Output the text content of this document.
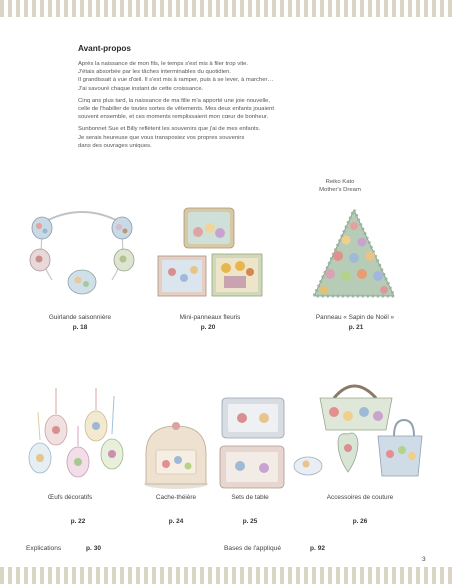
Avant-propos

Après la naissance de mon fils, le temps s'est mis à filer trop vite.
J'étais absorbée par les tâches interminables du quotidien.
Il grandissait à vue d'œil. Il s'est mis à ramper, puis à se lever, à marcher…
J'ai savouré chaque instant de cette croissance.

Cinq ans plus tard, la naissance de ma fille m'a apporté une joie nouvelle,
celle de l'habiller de toutes sortes de vêtements. Mes deux enfants jouaient
souvent ensemble, et ces moments remplissaient mon cœur de bonheur.

Sunbonnet Sue et Billy reflètent les souvenirs que j'ai de mes enfants.
Je serais heureuse que vous transposiez vos propres souvenirs
dans des ouvrages uniques.

Reiko Kato
Mother's Dream
Guirlande saisonnière
p. 18
Mini-panneaux fleuris
p. 20
Panneau « Sapin de Noël »
p. 21
Œufs décoratifs
p. 22
Cache-théière
p. 24
Sets de table
p. 25
Accessoires de couture
p. 26
Explications	p. 30	Bases de l'appliqué	p. 92
3
